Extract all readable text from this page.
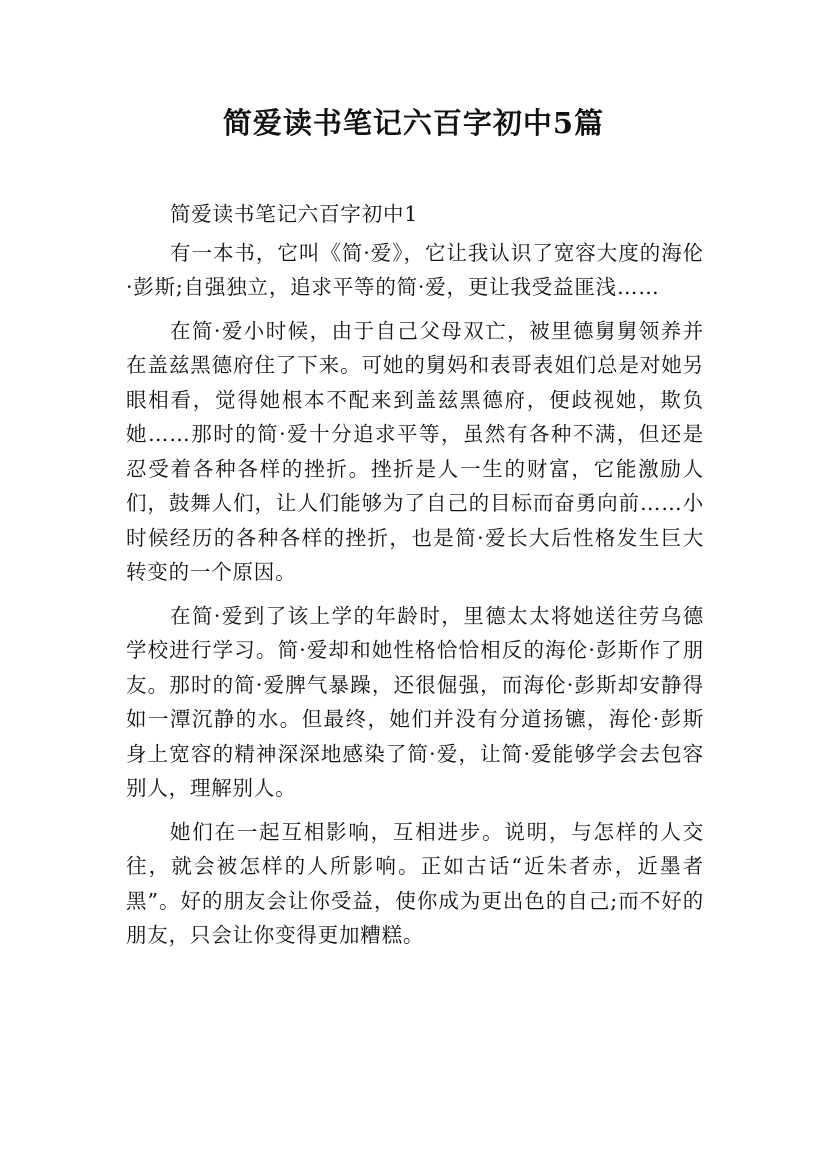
简爱读书笔记六百字初中5篇

简爱读书笔记六百字初中1

有一本书，它叫《简·爱》，它让我认识了宽容大度的海伦·彭斯;自强独立，追求平等的简·爱，更让我受益匪浅……

在简·爱小时候，由于自己父母双亡，被里德舅舅领养并在盖兹黑德府住了下来。可她的舅妈和表哥表姐们总是对她另眼相看，觉得她根本不配来到盖兹黑德府，便歧视她，欺负她……那时的简·爱十分追求平等，虽然有各种不满，但还是忍受着各种各样的挫折。挫折是人一生的财富，它能激励人们，鼓舞人们，让人们能够为了自己的目标而奋勇向前……小时候经历的各种各样的挫折，也是简·爱长大后性格发生巨大转变的一个原因。

在简·爱到了该上学的年龄时，里德太太将她送往劳乌德学校进行学习。简·爱却和她性格恰恰相反的海伦·彭斯作了朋友。那时的简·爱脾气暴躁，还很倔强，而海伦·彭斯却安静得如一潭沉静的水。但最终，她们并没有分道扬镳，海伦·彭斯身上宽容的精神深深地感染了简·爱，让简·爱能够学会去包容别人，理解别人。

她们在一起互相影响，互相进步。说明，与怎样的人交往，就会被怎样的人所影响。正如古话“近朱者赤，近墨者黑”。好的朋友会让你受益，使你成为更出色的自己;而不好的朋友，只会让你变得更加糟糕。
